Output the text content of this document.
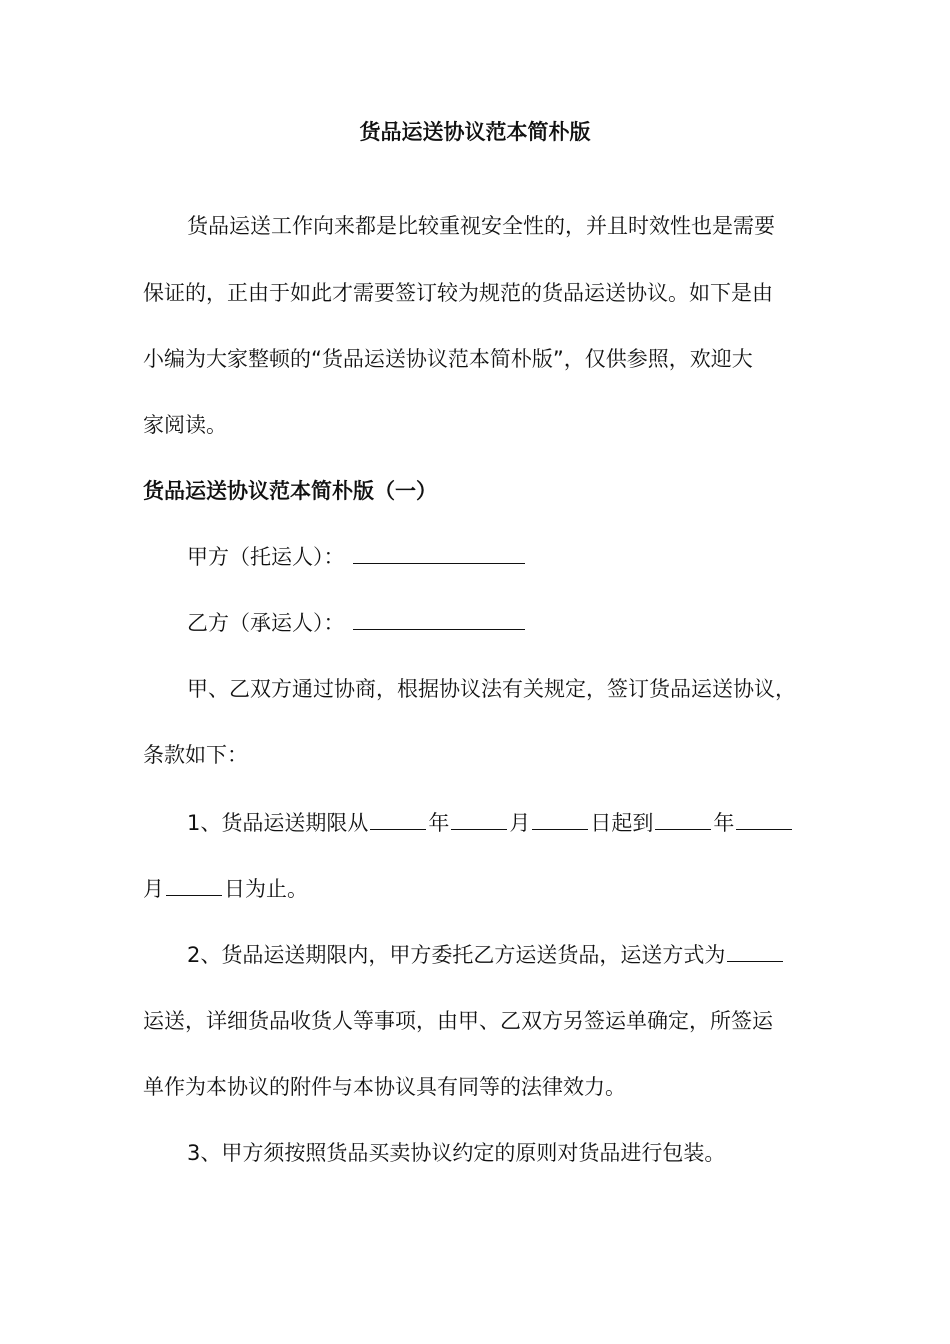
货品运送协议范本简朴版
货品运送工作向来都是比较重视安全性的，并且时效性也是需要
保证的，正由于如此才需要签订较为规范的货品运送协议。如下是由
小编为大家整顿的“货品运送协议范本简朴版”，仅供参照，欢迎大
家阅读。
货品运送协议范本简朴版（一）
甲方（托运人）：
乙方（承运人）：
甲、乙双方通过协商，根据协议法有关规定，签订货品运送协议，
条款如下：
1、货品运送期限从	年	月	日起到	年
月	日为止。
2、货品运送期限内，甲方委托乙方运送货品，运送方式为
运送，详细货品收货人等事项，由甲、乙双方另签运单确定，所签运
单作为本协议的附件与本协议具有同等的法律效力。
3、甲方须按照货品买卖协议约定的原则对货品进行包装。
